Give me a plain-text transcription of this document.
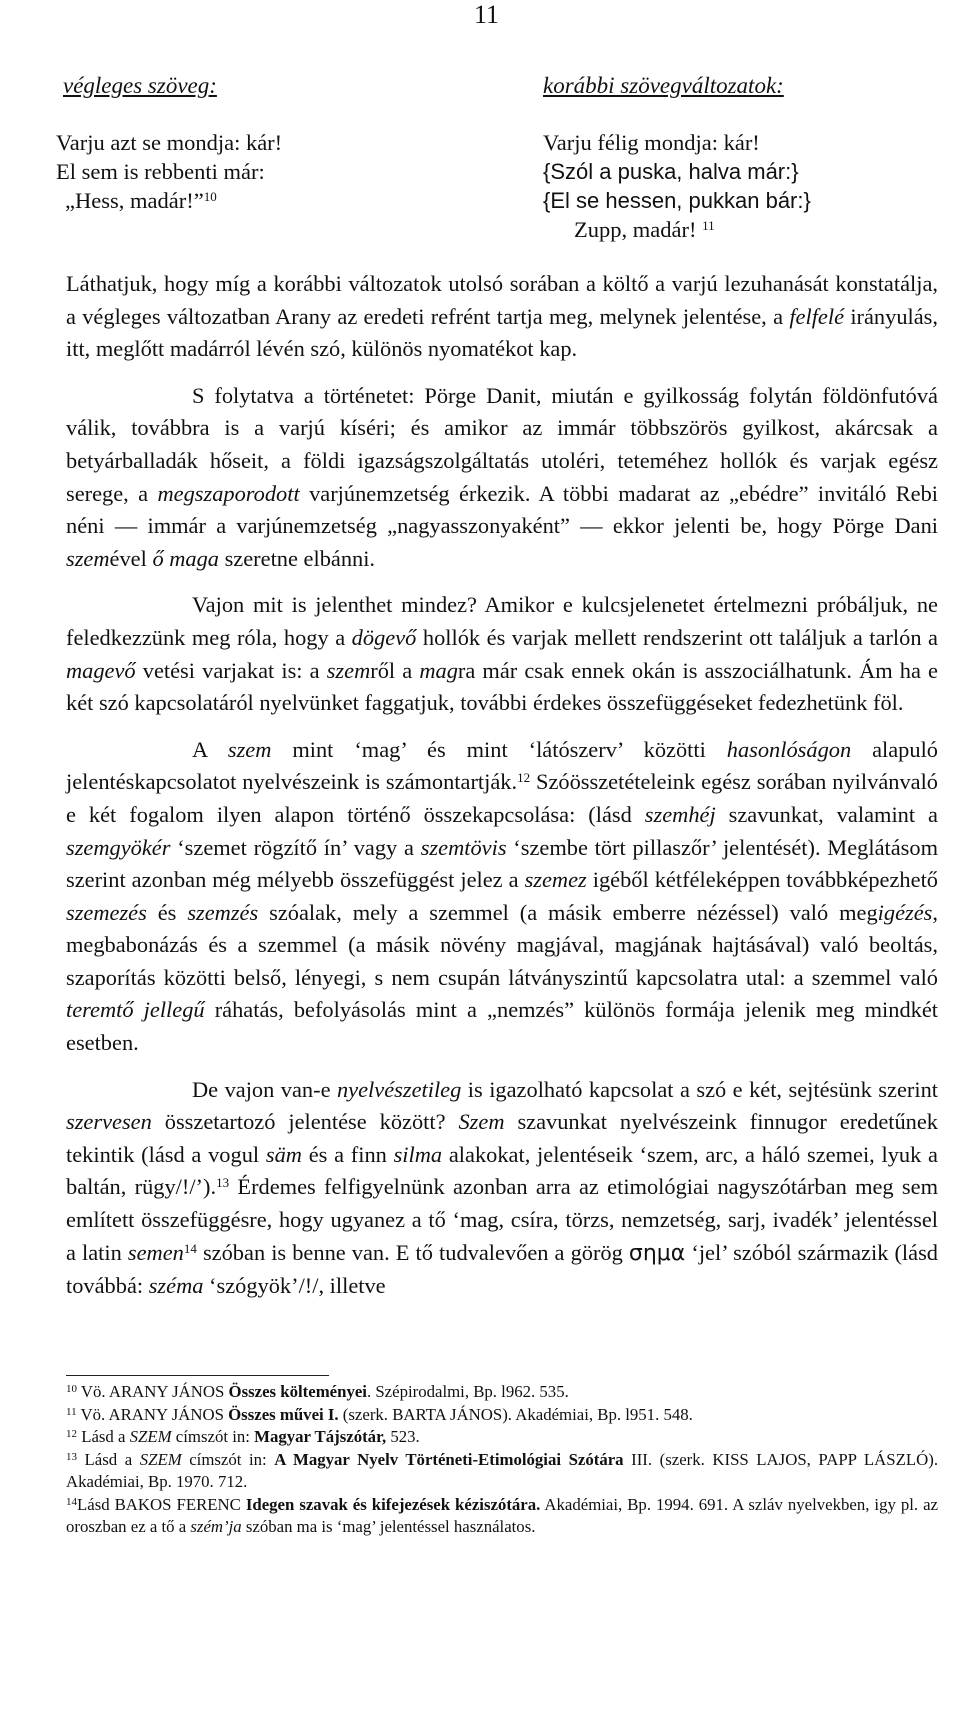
11
végleges szöveg:	korábbi szövegváltozatok:
Varju azt se mondja: kár!
El sem is rebbenti már:
„Hess, madár!”$^{10}$
Varju félig mondja: kár!
{Szól a puska, halva már:}
{El se hessen, pukkan bár:}
Zupp, madár! $^{11}$

Láthatjuk, hogy míg a korábbi változatok utolsó sorában a költő a varjú lezuhanását konstatálja, a végleges változatban Arany az eredeti refrént tartja meg, melynek jelentése, a felfelé irányulás, itt, meglőtt madárról lévén szó, különös nyomatékot kap.

S folytatva a történetet: Pörge Danit, miután e gyilkosság folytán földönfutóvá válik, továbbra is a varjú kíséri; és amikor az immár többszörös gyilkost, akárcsak a betyárballadák hőseit, a földi igazságszolgáltatás utoléri, teteméhez hollók és varjak egész serege, a megszaporodott varjúnemzetség érkezik. A többi madarat az „ebédre” invitáló Rebi néni — immár a varjúnemzetség „nagyasszonyaként” — ekkor jelenti be, hogy Pörge Dani szemével ő maga szeretne elbánni.

Vajon mit is jelenthet mindez? Amikor e kulcsjelenetet értelmezni próbáljuk, ne feledkezzünk meg róla, hogy a dögevő hollók és varjak mellett rendszerint ott találjuk a tarlón a magevő vetési varjakat is: a szemről a magra már csak ennek okán is asszociálhatunk. Ám ha e két szó kapcsolatáról nyelvünket faggatjuk, további érdekes összefüggéseket fedezhetünk föl.

A szem mint ‘mag’ és mint ‘látószerv’ közötti hasonlóságon alapuló jelentéskapcsolatot nyelvészeink is számontartják.$^{12}$ Szóösszetételeink egész sorában nyilvánvaló e két fogalom ilyen alapon történő összekapcsolása: (lásd szemhéj szavunkat, valamint a szemgyökér ‘szemet rögzítő ín’ vagy a szemtövis ‘szembe tört pillaszőr’ jelentését). Meglátásom szerint azonban még mélyebb összefüggést jelez a szemez igéből kétféleképpen továbbképezhető szemezés és szemzés szóalak, mely a szemmel (a másik emberre nézéssel) való megigézés, megbabonázás és a szemmel (a másik növény magjával, magjának hajtásával) való beoltás, szaporítás közötti belső, lényegi, s nem csupán látványszintű kapcsolatra utal: a szemmel való teremtő jellegű ráhatás, befolyásolás mint a „nemzés” különös formája jelenik meg mindkét esetben.

De vajon van-e nyelvészetileg is igazolható kapcsolat a szó e két, sejtésünk szerint szervesen összetartozó jelentése között? Szem szavunkat nyelvészeink finnugor eredetűnek tekintik (lásd a vogul säm és a finn silma alakokat, jelentéseik ‘szem, arc, a háló szemei, lyuk a baltán, rügy/!/’).$^{13}$ Érdemes felfigyelnünk azonban arra az etimológiai nagyszótárban meg sem említett összefüggésre, hogy ugyanez a tő ‘mag, csíra, törzs, nemzetség, sarj, ivadék’ jelentéssel a latin semen$^{14}$ szóban is benne van. E tő tudvalevően a görög σημα ‘jel’ szóból származik (lásd továbbá: széma ‘szógyök’/!/, illetve

$^{10}$ Vö. ARANY JÁNOS Összes költeményei. Szépirodalmi, Bp. l962. 535.

$^{11}$ Vö. ARANY JÁNOS Összes művei I. (szerk. BARTA JÁNOS). Akadémiai, Bp. l951. 548.

$^{12}$ Lásd a SZEM címszót in: Magyar Tájszótár, 523.

$^{13}$ Lásd a SZEM címszót in: A Magyar Nyelv Történeti-Etimológiai Szótára III. (szerk. KISS LAJOS, PAPP LÁSZLÓ). Akadémiai, Bp. 1970. 712.

$^{14}$Lásd BAKOS FERENC Idegen szavak és kifejezések kéziszótára. Akadémiai, Bp. 1994. 691. A szláv nyelvekben, igy pl. az oroszban ez a tő a szém’ja szóban ma is ‘mag’ jelentéssel használatos.
